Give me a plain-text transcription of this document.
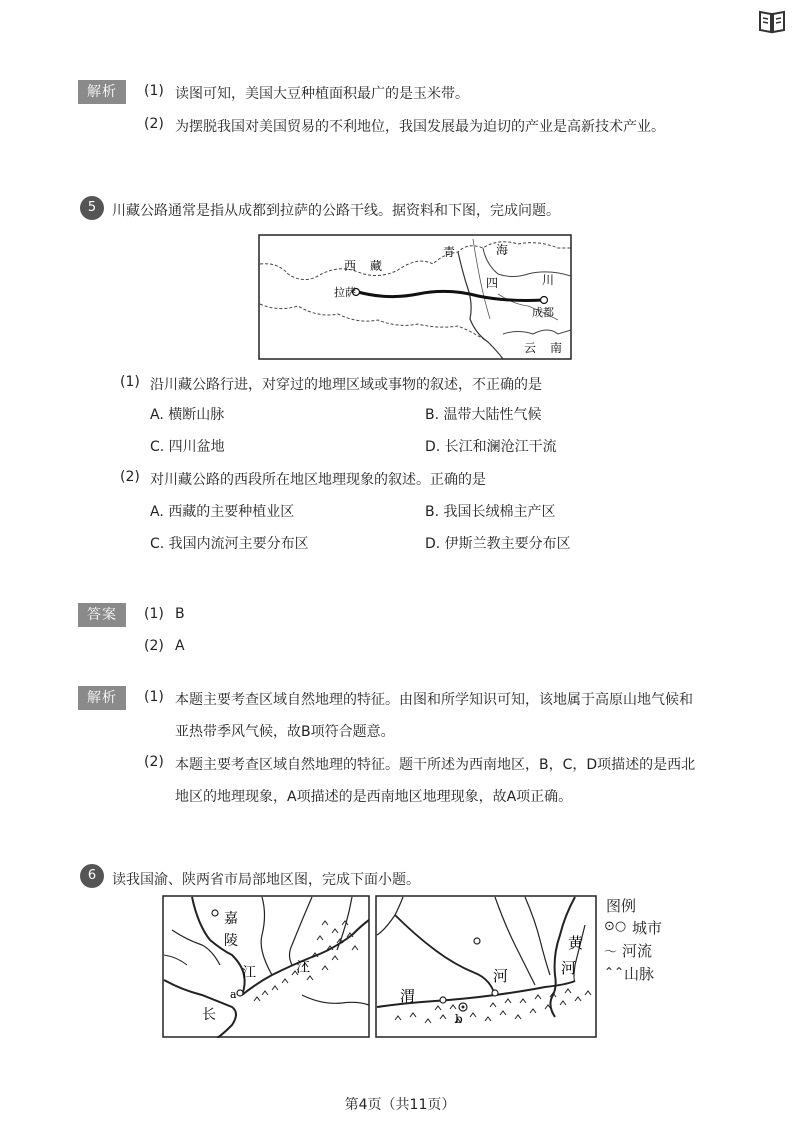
解析	(1) 读图可知，美国大豆种植面积最广的是玉米带。
(2) 为摆脱我国对美国贸易的不利地位，我国发展最为迫切的产业是高新技术产业。
5	川藏公路通常是指从成都到拉萨的公路干线。据资料和下图，完成问题。
西 藏
青	海
四	川
拉萨
成都
云 南
(1) 沿川藏公路行进，对穿过的地理区域或事物的叙述，不正确的是
A. 横断山脉	B. 温带大陆性气候
C. 四川盆地	D. 长江和澜沧江干流
(2) 对川藏公路的西段所在地区地理现象的叙述。正确的是
A. 西藏的主要种植业区	B. 我国长绒棉主产区
C. 我国内流河主要分布区	D. 伊斯兰教主要分布区
答案	(1) B
(2) A
解析	(1) 本题主要考查区域自然地理的特征。由图和所学知识可知，该地属于高原山地气候和
亚热带季风气候，故B项符合题意。
(2) 本题主要考查区域自然地理的特征。题干所述为西南地区，B，C，D项描述的是西北
地区的地理现象，A项描述的是西南地区地理现象，故A项正确。
6	读我国渝、陕两省市局部地区图，完成下面小题。
嘉
陵
江	江
长
a	渭
河
黄
河
b
图例
⊙○ 城市
〜 河流
⌃⌃ 山脉
第4页（共11页）
